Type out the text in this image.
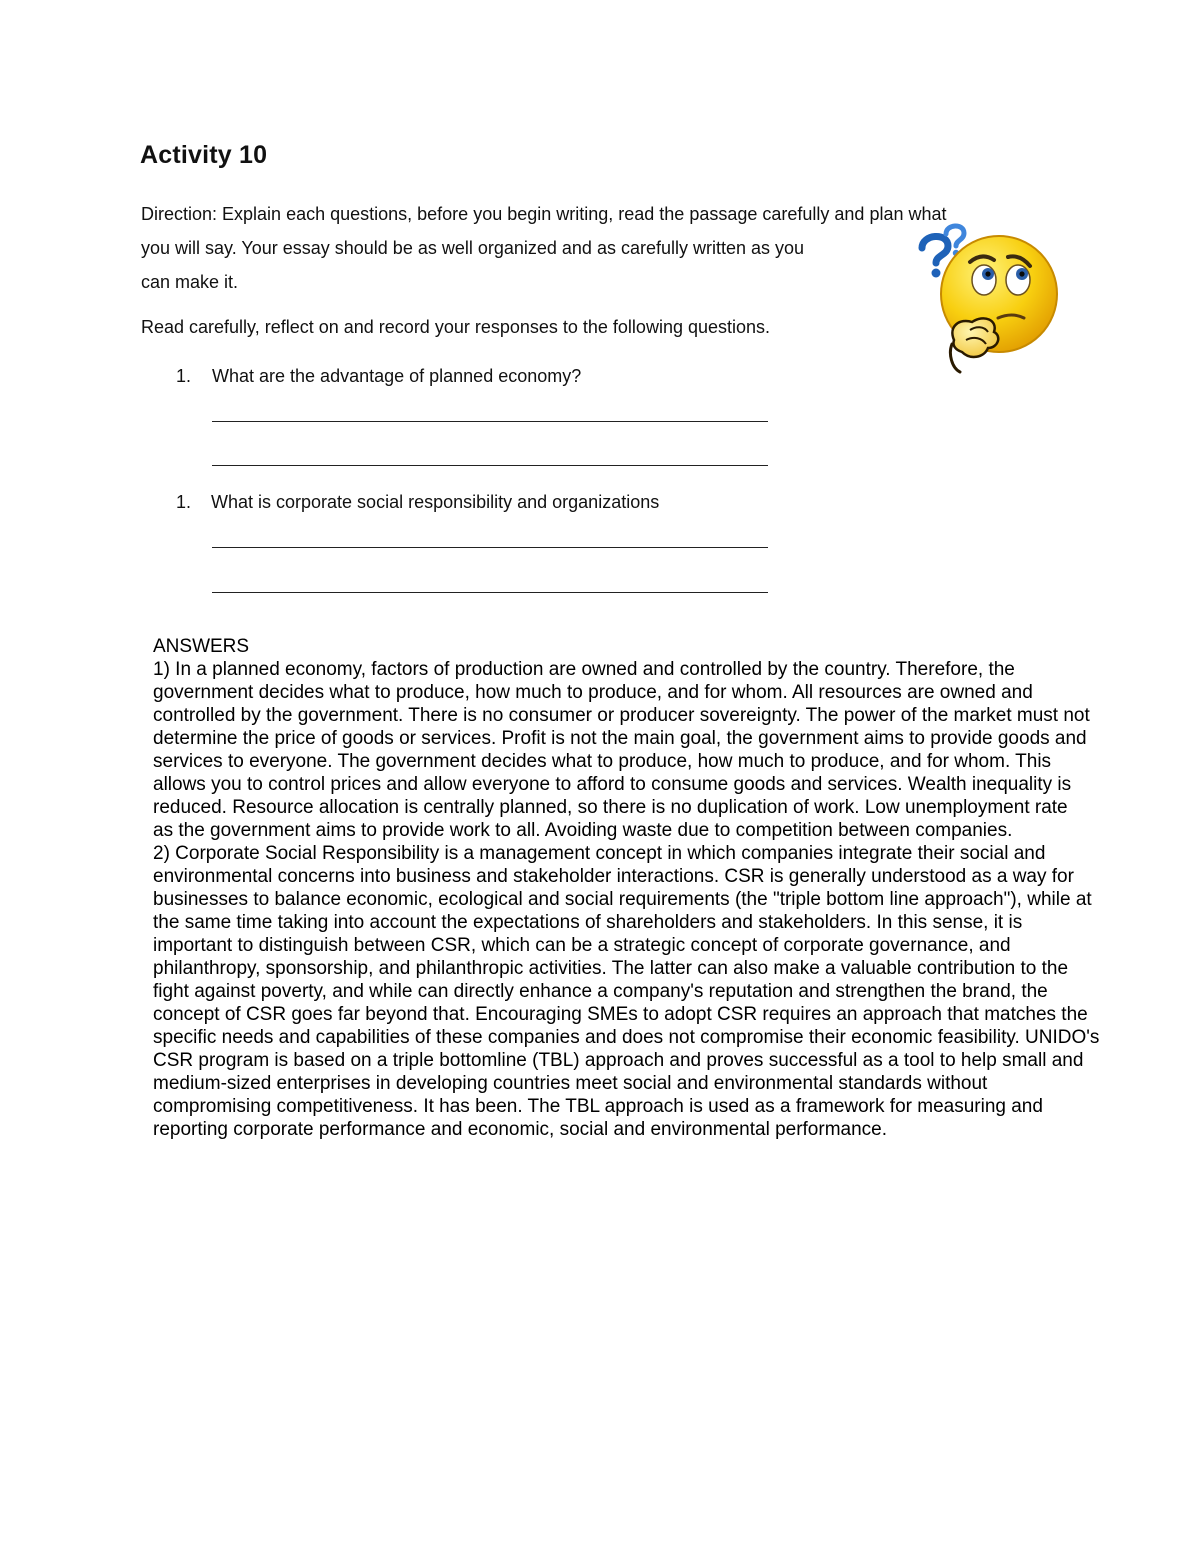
Activity 10

Direction: Explain each questions, before you begin writing, read the passage carefully and plan what
you will say. Your essay should be as well organized and as carefully written as you
can make it.

Read carefully, reflect on and record your responses to the following questions.

1. What are the advantage of planned economy?
1. What is corporate social responsibility and organizations
ANSWERS
1) In a planned economy, factors of production are owned and controlled by the country. Therefore, the
government decides what to produce, how much to produce, and for whom. All resources are owned and
controlled by the government. There is no consumer or producer sovereignty. The power of the market must not
determine the price of goods or services. Profit is not the main goal, the government aims to provide goods and
services to everyone. The government decides what to produce, how much to produce, and for whom. This
allows you to control prices and allow everyone to afford to consume goods and services. Wealth inequality is
reduced. Resource allocation is centrally planned, so there is no duplication of work. Low unemployment rate
as the government aims to provide work to all. Avoiding waste due to competition between companies.
2) Corporate Social Responsibility is a management concept in which companies integrate their social and
environmental concerns into business and stakeholder interactions. CSR is generally understood as a way for
businesses to balance economic, ecological and social requirements (the "triple bottom line approach"), while at
the same time taking into account the expectations of shareholders and stakeholders. In this sense, it is
important to distinguish between CSR, which can be a strategic concept of corporate governance, and
philanthropy, sponsorship, and philanthropic activities. The latter can also make a valuable contribution to the
fight against poverty, and while can directly enhance a company's reputation and strengthen the brand, the
concept of CSR goes far beyond that. Encouraging SMEs to adopt CSR requires an approach that matches the
specific needs and capabilities of these companies and does not compromise their economic feasibility. UNIDO's
CSR program is based on a triple bottomline (TBL) approach and proves successful as a tool to help small and
medium-sized enterprises in developing countries meet social and environmental standards without
compromising competitiveness. It has been. The TBL approach is used as a framework for measuring and
reporting corporate performance and economic, social and environmental performance.
